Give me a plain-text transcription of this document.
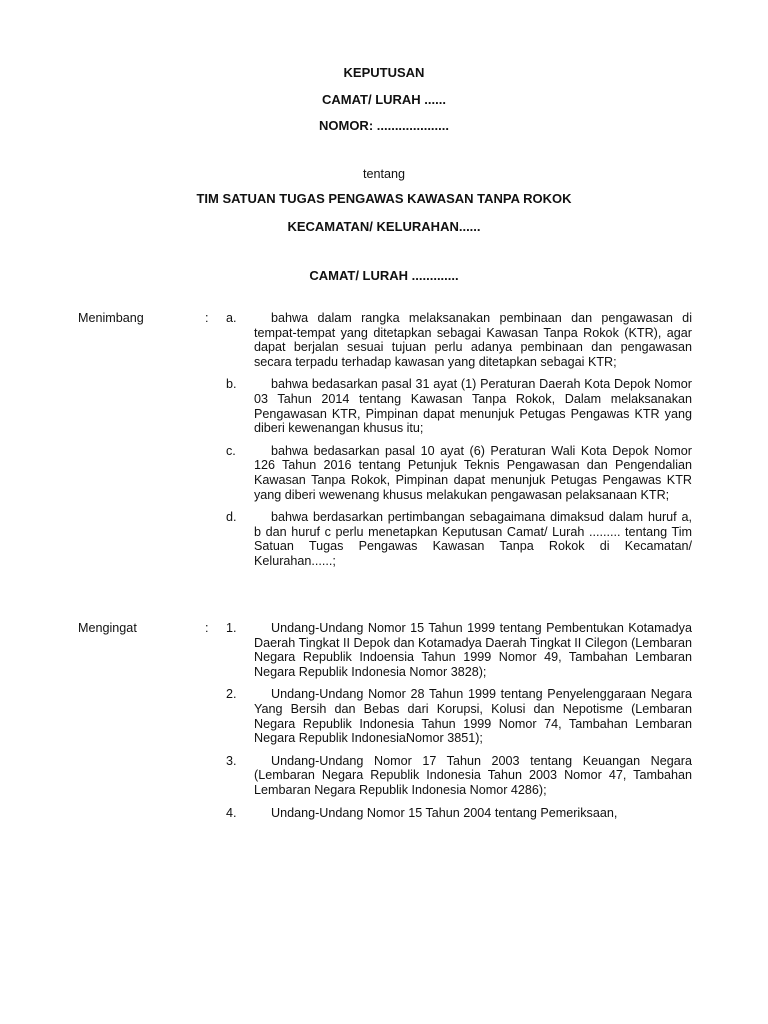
KEPUTUSAN
CAMAT/ LURAH ......
NOMOR: ....................
tentang
TIM SATUAN TUGAS PENGAWAS KAWASAN TANPA ROKOK
KECAMATAN/ KELURAHAN......
CAMAT/ LURAH .............
Menimbang	: a.	bahwa dalam rangka melaksanakan pembinaan dan pengawasan di tempat-tempat yang ditetapkan sebagai Kawasan Tanpa Rokok (KTR), agar dapat berjalan sesuai tujuan perlu adanya pembinaan dan pengawasan secara terpadu terhadap kawasan yang ditetapkan sebagai KTR;
b.	bahwa bedasarkan pasal 31 ayat (1) Peraturan Daerah Kota Depok Nomor 03 Tahun 2014 tentang Kawasan Tanpa Rokok, Dalam melaksanakan Pengawasan KTR, Pimpinan dapat menunjuk Petugas Pengawas KTR yang diberi kewenangan khusus itu;
c.	bahwa bedasarkan pasal 10 ayat (6) Peraturan Wali Kota Depok Nomor 126 Tahun 2016 tentang Petunjuk Teknis Pengawasan dan Pengendalian Kawasan Tanpa Rokok, Pimpinan dapat menunjuk Petugas Pengawas KTR yang diberi wewenang khusus melakukan pengawasan pelaksanaan KTR;
d.	bahwa berdasarkan pertimbangan sebagaimana dimaksud dalam huruf a, b dan huruf c perlu menetapkan Keputusan Camat/ Lurah ......... tentang Tim Satuan Tugas Pengawas Kawasan Tanpa Rokok di Kecamatan/ Kelurahan......;
Mengingat	: 1.	Undang-Undang Nomor 15 Tahun 1999 tentang Pembentukan Kotamadya Daerah Tingkat II Depok dan Kotamadya Daerah Tingkat II Cilegon (Lembaran Negara Republik Indoensia Tahun 1999 Nomor 49, Tambahan Lembaran Negara Republik Indonesia Nomor 3828);
2.	Undang-Undang Nomor 28 Tahun 1999 tentang Penyelenggaraan Negara Yang Bersih dan Bebas dari Korupsi, Kolusi dan Nepotisme (Lembaran Negara Republik Indonesia Tahun 1999 Nomor 74, Tambahan Lembaran Negara Republik IndonesiaNomor 3851);
3.	Undang-Undang Nomor 17 Tahun 2003 tentang Keuangan Negara (Lembaran Negara Republik Indonesia Tahun 2003 Nomor 47, Tambahan Lembaran Negara Republik Indonesia Nomor 4286);
4.	Undang-Undang Nomor 15 Tahun 2004 tentang Pemeriksaan,
